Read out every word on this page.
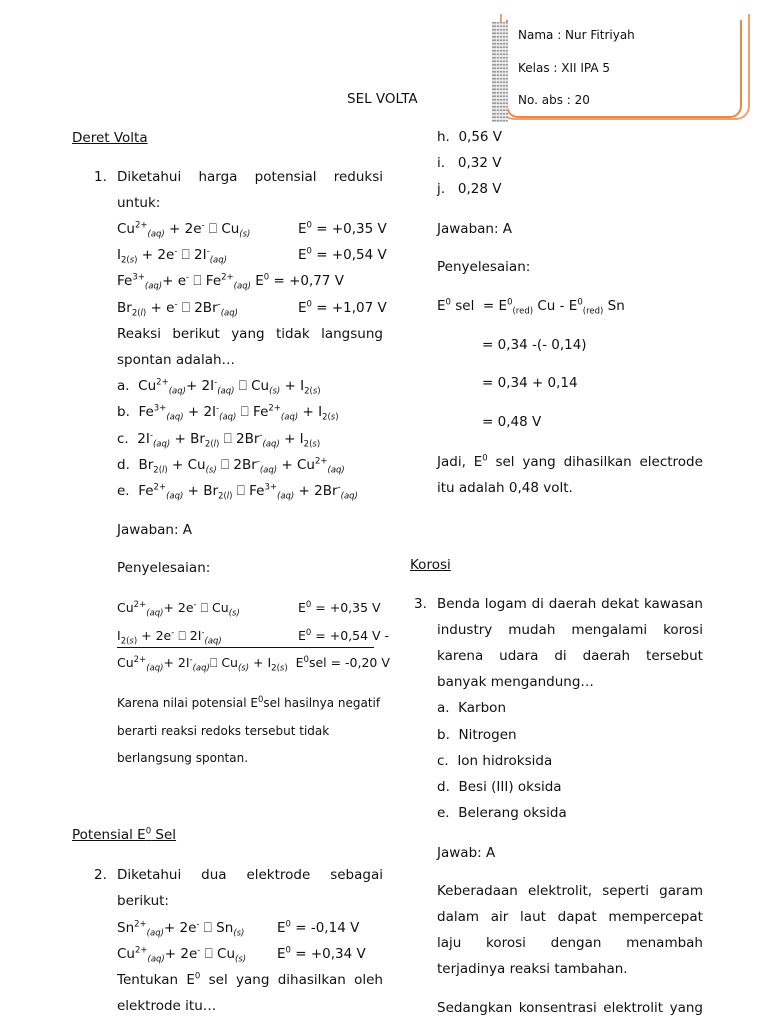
Nama : Nur Fitriyah
Kelas : XII IPA 5
No. abs : 20
SEL VOLTA
Deret Volta
1. Diketahui harga potensial reduksi
untuk:
$Cu^{2+}_{(aq)} + 2e^-$ ⎕ $Cu_{(s)}$	$E^0 = +0,35$ V
$I_{2(s)} + 2e^-$ ⎕ $2I^-_{(aq)}$	$E^0 = +0,54$ V
$Fe^{3+}_{(aq)}+ e^-$ ⎕ $Fe^{2+}_{(aq)}$ $E^0 = +0,77$ V
$Br_{2(l)} + e^-$ ⎕ $2Br^-_{(aq)}$	$E^0 = +1,07$ V
Reaksi berikut yang tidak langsung
spontan adalah…
a.  $Cu^{2+}_{(aq)}+ 2I^-_{(aq)}$ ⎕ $Cu_{(s)} + I_{2(s)}$
b.  $Fe^{3+}_{(aq)} + 2I^-_{(aq)}$ ⎕ $Fe^{2+}_{(aq)} + I_{2(s)}$
c.  $2I^-_{(aq)} + Br_{2(l)}$ ⎕ $2Br^-_{(aq)} + I_{2(s)}$
d.  $Br_{2(l)} + Cu_{(s)}$ ⎕ $2Br^-_{(aq)} + Cu^{2+}_{(aq)}$
e.  $Fe^{2+}_{(aq)} + Br_{2(l)}$ ⎕ $Fe^{3+}_{(aq)} + 2Br^-_{(aq)}$
Jawaban: A
Penyelesaian:
$Cu^{2+}_{(aq)}+ 2e^-$ ⎕ $Cu_{(s)}$	$E^0 = +0,35$ V
$I_{2(s)} + 2e^-$ ⎕ $2I^-_{(aq)}$	$E^0 = +0,54$ V -
$Cu^{2+}_{(aq)}+$ $2I^-_{(aq)}⎕$ $Cu_{(s)} + I_{2(s)}$  $E^0sel = -0,20$ V
Karena nilai potensial $E^0sel$ hasilnya negatif
berarti reaksi redoks tersebut tidak
berlangsung spontan.
Potensial $E^0$ Sel
2. Diketahui dua elektrode sebagai
berikut:
$Sn^{2+}_{(aq)}+ 2e^-$ ⎕ $Sn_{(s)}$ $E^0 = -0,14$ V
$Cu^{2+}_{(aq)}+ 2e^-$ ⎕ $Cu_{(s)}$ $E^0 = +0,34$ V
Tentukan $E^0$ sel yang dihasilkan oleh
elektrode itu…
h. 0,56 V
i. 0,32 V
j. 0,28 V
Jawaban: A
Penyelesaian:
$E^0$ sel  = $E^0_{(red)}$ Cu - $E^0_{(red)}$ Sn
= 0,34 -(- 0,14)
= 0,34 + 0,14
= 0,48 V
Jadi, $E^0$ sel yang dihasilkan electrode
itu adalah 0,48 volt.
Korosi
3. Benda logam di daerah dekat kawasan
industry mudah mengalami korosi
karena udara di daerah tersebut
banyak mengandung…
a. Karbon
b. Nitrogen
c. Ion hidroksida
d. Besi (III) oksida
e. Belerang oksida
Jawab: A
Keberadaan elektrolit, seperti garam
dalam air laut dapat mempercepat
laju korosi dengan menambah
terjadinya reaksi tambahan.
Sedangkan konsentrasi elektrolit yang
